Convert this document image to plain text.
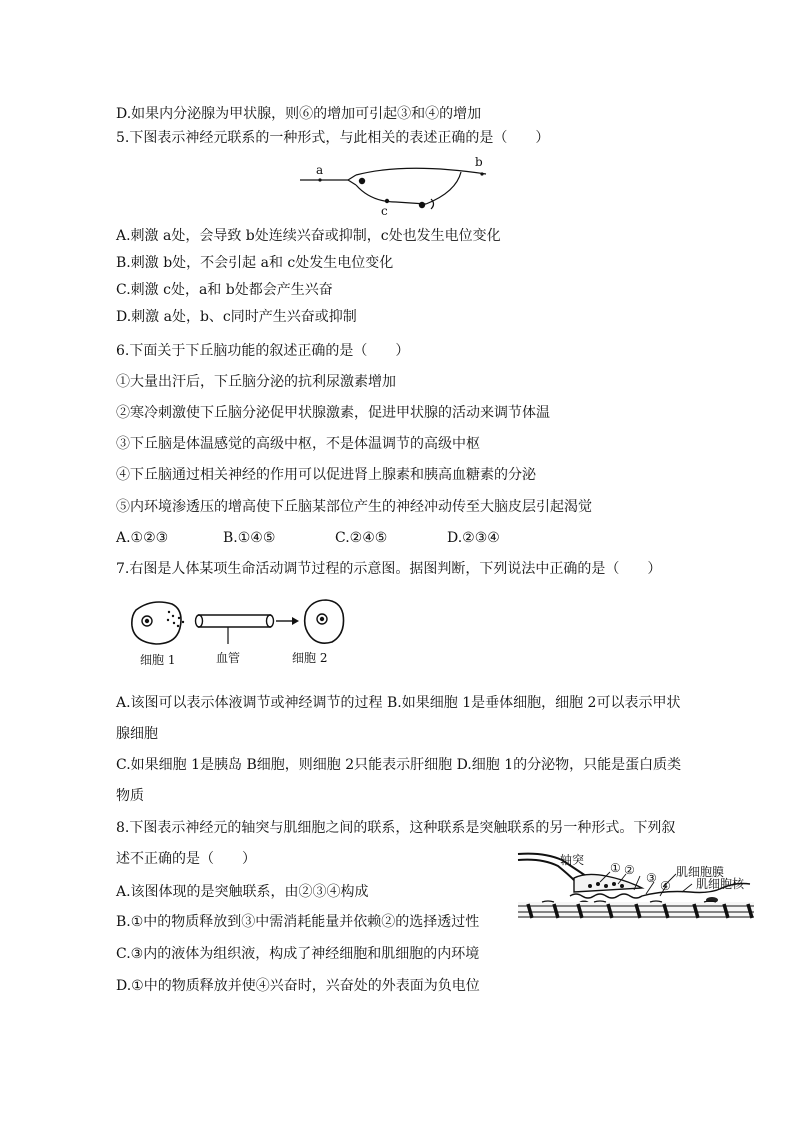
D.如果内分泌腺为甲状腺，则⑥的增加可引起③和④的增加
5.下图表示神经元联系的一种形式，与此相关的表述正确的是（　　）
a
b
c
A.刺激 a处，会导致 b处连续兴奋或抑制，c处也发生电位变化
B.刺激 b处，不会引起 a和 c处发生电位变化
C.刺激 c处，a和 b处都会产生兴奋
D.刺激 a处，b、c同时产生兴奋或抑制
6.下面关于下丘脑功能的叙述正确的是（　　）
①大量出汗后，下丘脑分泌的抗利尿激素增加
②寒冷刺激使下丘脑分泌促甲状腺激素，促进甲状腺的活动来调节体温
③下丘脑是体温感觉的高级中枢，不是体温调节的高级中枢
④下丘脑通过相关神经的作用可以促进肾上腺素和胰高血糖素的分泌
⑤内环境渗透压的增高使下丘脑某部位产生的神经冲动传至大脑皮层引起渴觉
A.①②③	B.①④⑤	C.②④⑤	D.②③④
7.右图是人体某项生命活动调节过程的示意图。据图判断，下列说法中正确的是（　　）
细胞 1	血管	细胞 2
A.该图可以表示体液调节或神经调节的过程 B.如果细胞 1是垂体细胞，细胞 2可以表示甲状
腺细胞
C.如果细胞 1是胰岛 B细胞，则细胞 2只能表示肝细胞 D.细胞 1的分泌物，只能是蛋白质类
物质
8.下图表示神经元的轴突与肌细胞之间的联系，这种联系是突触联系的另一种形式。下列叙
述不正确的是（　　）	轴突
① ②
③
④
肌细胞膜
肌细胞核
A.该图体现的是突触联系，由②③④构成
B.①中的物质释放到③中需消耗能量并依赖②的选择透过性
C.③内的液体为组织液，构成了神经细胞和肌细胞的内环境
D.①中的物质释放并使④兴奋时，兴奋处的外表面为负电位
